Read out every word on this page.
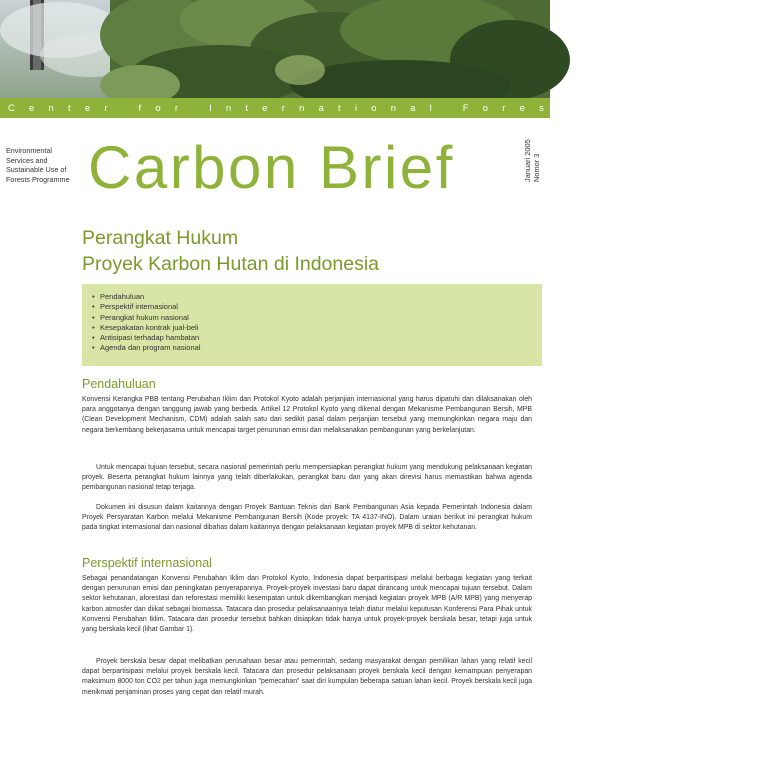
Center for International Forestry Research
Environmental
Services and
Sustainable Use of
Forests Programme Carbon Brief	Januari 2005 Nomor 3
Perangkat Hukum
Proyek Karbon Hutan di Indonesia
• Pendahuluan
• Perspektif internasional
• Perangkat hukum nasional
• Kesepakatan kontrak jual-beli
• Antisipasi terhadap hambatan
• Agenda dan program nasional
Pendahuluan

Konvensi Kerangka PBB tentang Perubahan Iklim dan Protokol Kyoto adalah perjanjian internasional yang harus dipatuhi dan dilaksanakan oleh para anggotanya dengan tanggung jawab yang berbeda. Artikel 12 Protokol Kyoto yang dikenal dengan Mekanisme Pembangunan Bersih, MPB (Clean Development Mechanism, CDM) adalah salah satu dari sedikit pasal dalam perjanjian tersebut yang memungkinkan negara maju dan negara berkembang bekerjasama untuk mencapai target penurunan emisi dan melaksanakan pembangunan yang berkelanjutan.

Untuk mencapai tujuan tersebut, secara nasional pemerintah perlu mempersiapkan perangkat hukum yang mendukung pelaksanaan kegiatan proyek. Beserta perangkat hukum lainnya yang telah diberlakukan, perangkat baru dan yang akan direvisi harus memastikan bahwa agenda pembangunan nasional tetap terjaga.

Dokumen ini disusun dalam kaitannya dengan Proyek Bantuan Teknis dari Bank Pembangunan Asia kepada Pemerintah Indonesia dalam Proyek Persyaratan Karbon melalui Mekanisme Pembangunan Bersih (Kode proyek: TA 4137-INO). Dalam uraian berikut ini perangkat hukum pada tingkat internasional dan nasional dibahas dalam kaitannya dengan pelaksanaan kegiatan proyek MPB di sektor kehutanan.

Perspektif internasional

Sebagai penandatangan Konvensi Perubahan Iklim dan Protokol Kyoto, Indonesia dapat berpartisipasi melalui berbagai kegiatan yang terkait dengan penurunan emisi dan peningkatan penyerapannya. Proyek-proyek investasi baru dapat dirancang untuk mencapai tujuan tersebut. Dalam sektor kehutanan, aforestasi dan reforestasi memiliki kesempatan untuk dikembangkan menjadi kegiatan proyek MPB (A/R MPB) yang menyerap karbon atmosfer dan diikat sebagai biomassa. Tatacara dan prosedur pelaksanaannya telah diatur melalui keputusan Konferensi Para Pihak untuk Konvensi Perubahan Iklim. Tatacara dan prosedur tersebut bahkan disiapkan tidak hanya untuk proyek-proyek berskala besar, tetapi juga untuk yang berskala kecil (lihat Gambar 1).

Proyek berskala besar dapat melibatkan perusahaan besar atau pemerintah, sedang masyarakat dengan pemilikan lahan yang relatif kecil dapat berpartisipasi melalui proyek berskala kecil. Tatacara dan prosedur pelaksanaan proyek berskala kecil dengan kemampuan penyerapan maksimum 8000 ton CO2 per tahun juga memungkinkan "pemecahan" saat diri kumpulan beberapa satuan lahan kecil. Proyek berskala kecil juga menikmati penjaminan proses yang cepat dan relatif murah.
